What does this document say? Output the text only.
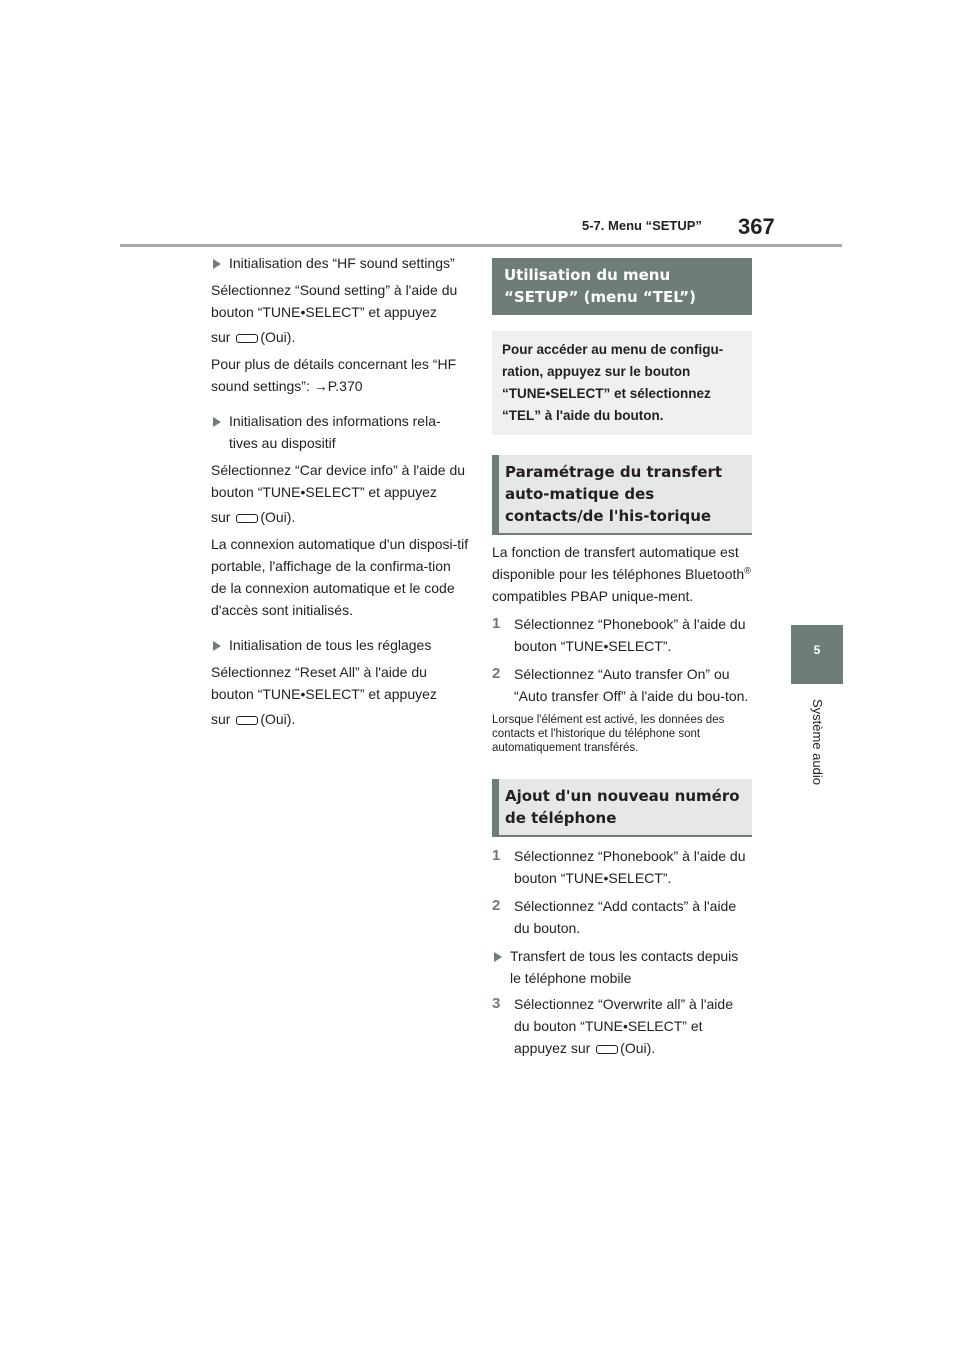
5-7. Menu “SETUP” 367
5
Système audio
Initialisation des “HF sound settings”

Sélectionnez “Sound setting” à l'aide du bouton “TUNE•SELECT” et appuyez

sur (Oui).

Pour plus de détails concernant les “HF sound settings”: →P.370

Initialisation des informations rela-tives au dispositif

Sélectionnez “Car device info” à l'aide du bouton “TUNE•SELECT” et appuyez

sur (Oui).

La connexion automatique d'un disposi-tif portable, l'affichage de la confirma-tion de la connexion automatique et le code d'accès sont initialisés.

Initialisation de tous les réglages

Sélectionnez “Reset All” à l'aide du bouton “TUNE•SELECT” et appuyez

sur (Oui).

Utilisation du menu “SETUP” (menu “TEL”)
Pour accéder au menu de configu-ration, appuyez sur le bouton “TUNE•SELECT” et sélectionnez “TEL” à l'aide du bouton.
Paramétrage du transfert auto-matique des contacts/de l'his-torique

La fonction de transfert automatique est disponible pour les téléphones Bluetooth® compatibles PBAP unique-ment.

1 Sélectionnez “Phonebook” à l'aide du bouton “TUNE•SELECT”.
2 Sélectionnez “Auto transfer On” ou “Auto transfer Off” à l'aide du bou-ton.

Lorsque l'élément est activé, les données des contacts et l'historique du téléphone sont automatiquement transférés.

Ajout d'un nouveau numéro de téléphone
1 Sélectionnez “Phonebook” à l'aide du bouton “TUNE•SELECT”.
2 Sélectionnez “Add contacts” à l'aide du bouton.
Transfert de tous les contacts depuis le téléphone mobile
3 Sélectionnez “Overwrite all” à l'aide du bouton “TUNE•SELECT” et appuyez sur (Oui).
